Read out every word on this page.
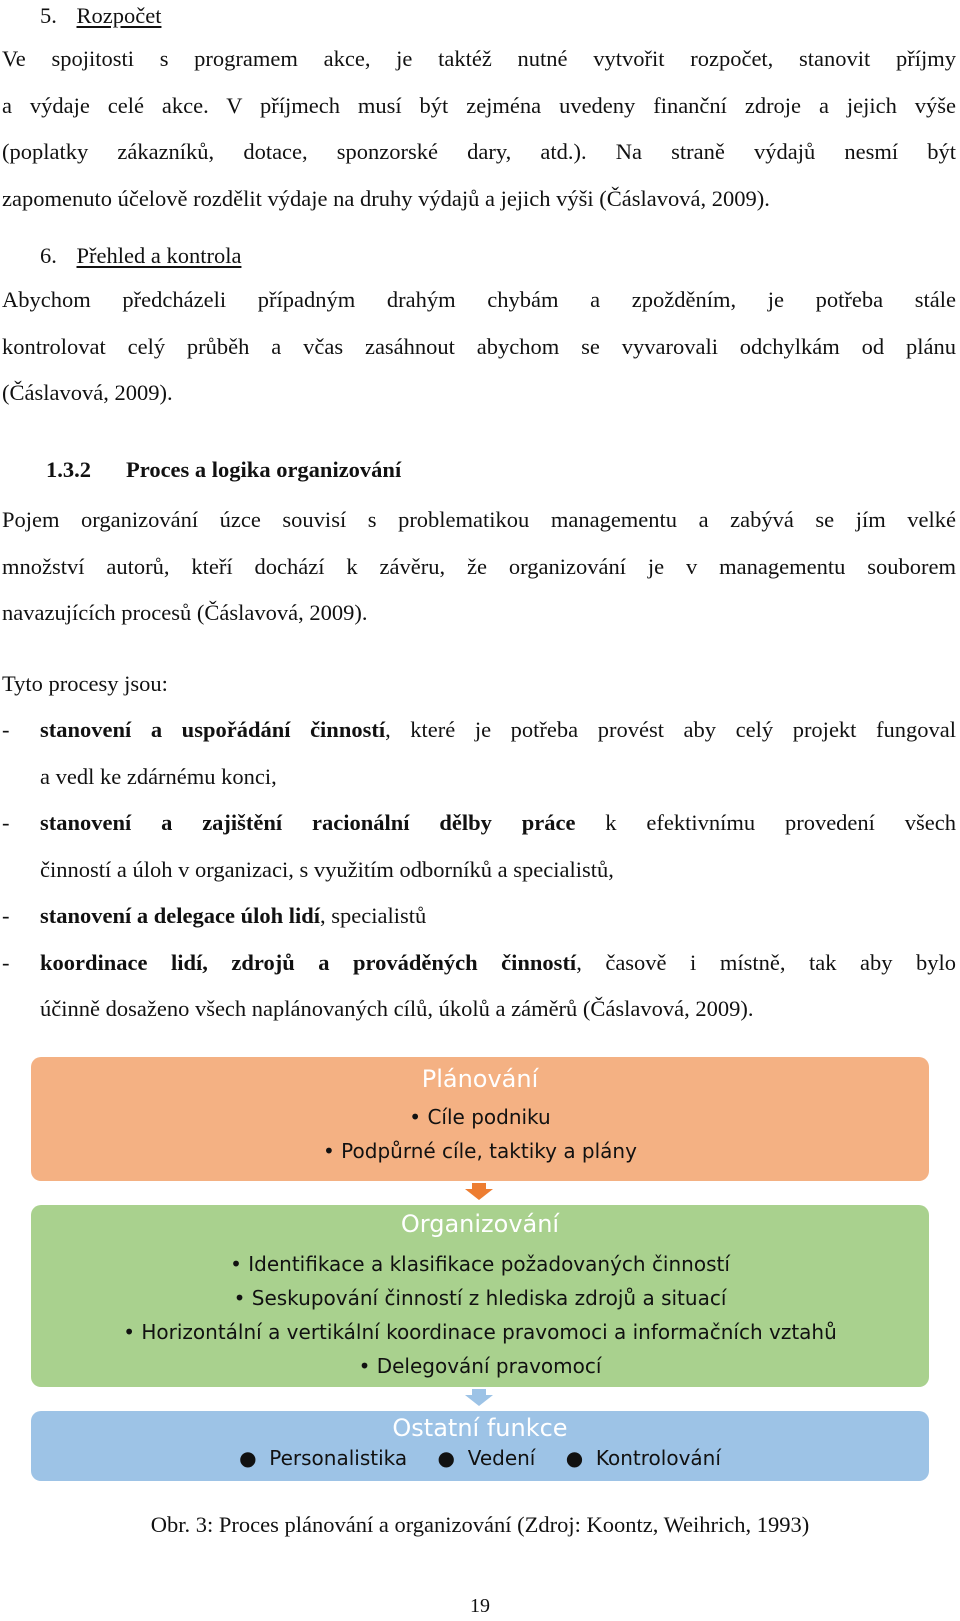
5. Rozpočet
Ve spojitosti s programem akce, je taktéž nutné vytvořit rozpočet, stanovit příjmy
a výdaje celé akce. V příjmech musí být zejména uvedeny finanční zdroje a jejich výše
(poplatky zákazníků, dotace, sponzorské dary, atd.). Na straně výdajů nesmí být
zapomenuto účelově rozdělit výdaje na druhy výdajů a jejich výši (Čáslavová, 2009).
6. Přehled a kontrola
Abychom předcházeli případným drahým chybám a zpožděním, je potřeba stále
kontrolovat celý průběh a včas zasáhnout abychom se vyvarovali odchylkám od plánu
(Čáslavová, 2009).
1.3.2 Proces a logika organizování
Pojem organizování úzce souvisí s problematikou managementu a zabývá se jím velké
množství autorů, kteří dochází k závěru, že organizování je v managementu souborem
navazujících procesů (Čáslavová, 2009).
Tyto procesy jsou:
- stanovení a uspořádání činností, které je potřeba provést aby celý projekt fungoval
a vedl ke zdárnému konci,
- stanovení a zajištění racionální dělby práce k efektivnímu provedení všech
činností a úloh v organizaci, s využitím odborníků a specialistů,
- stanovení a delegace úloh lidí, specialistů
- koordinace lidí, zdrojů a prováděných činností, časově i místně, tak aby bylo
účinně dosaženo všech naplánovaných cílů, úkolů a záměrů (Čáslavová, 2009).
Plánování
• Cíle podniku
• Podpůrné cíle, taktiky a plány
Organizování
• Identifikace a klasifikace požadovaných činností
• Seskupování činností z hlediska zdrojů a situací
• Horizontální a vertikální koordinace pravomoci a informačních vztahů
• Delegování pravomocí
Ostatní funkce
● Personalistika ● Vedení ● Kontrolování
Obr. 3: Proces plánování a organizování (Zdroj: Koontz, Weihrich, 1993)
19
